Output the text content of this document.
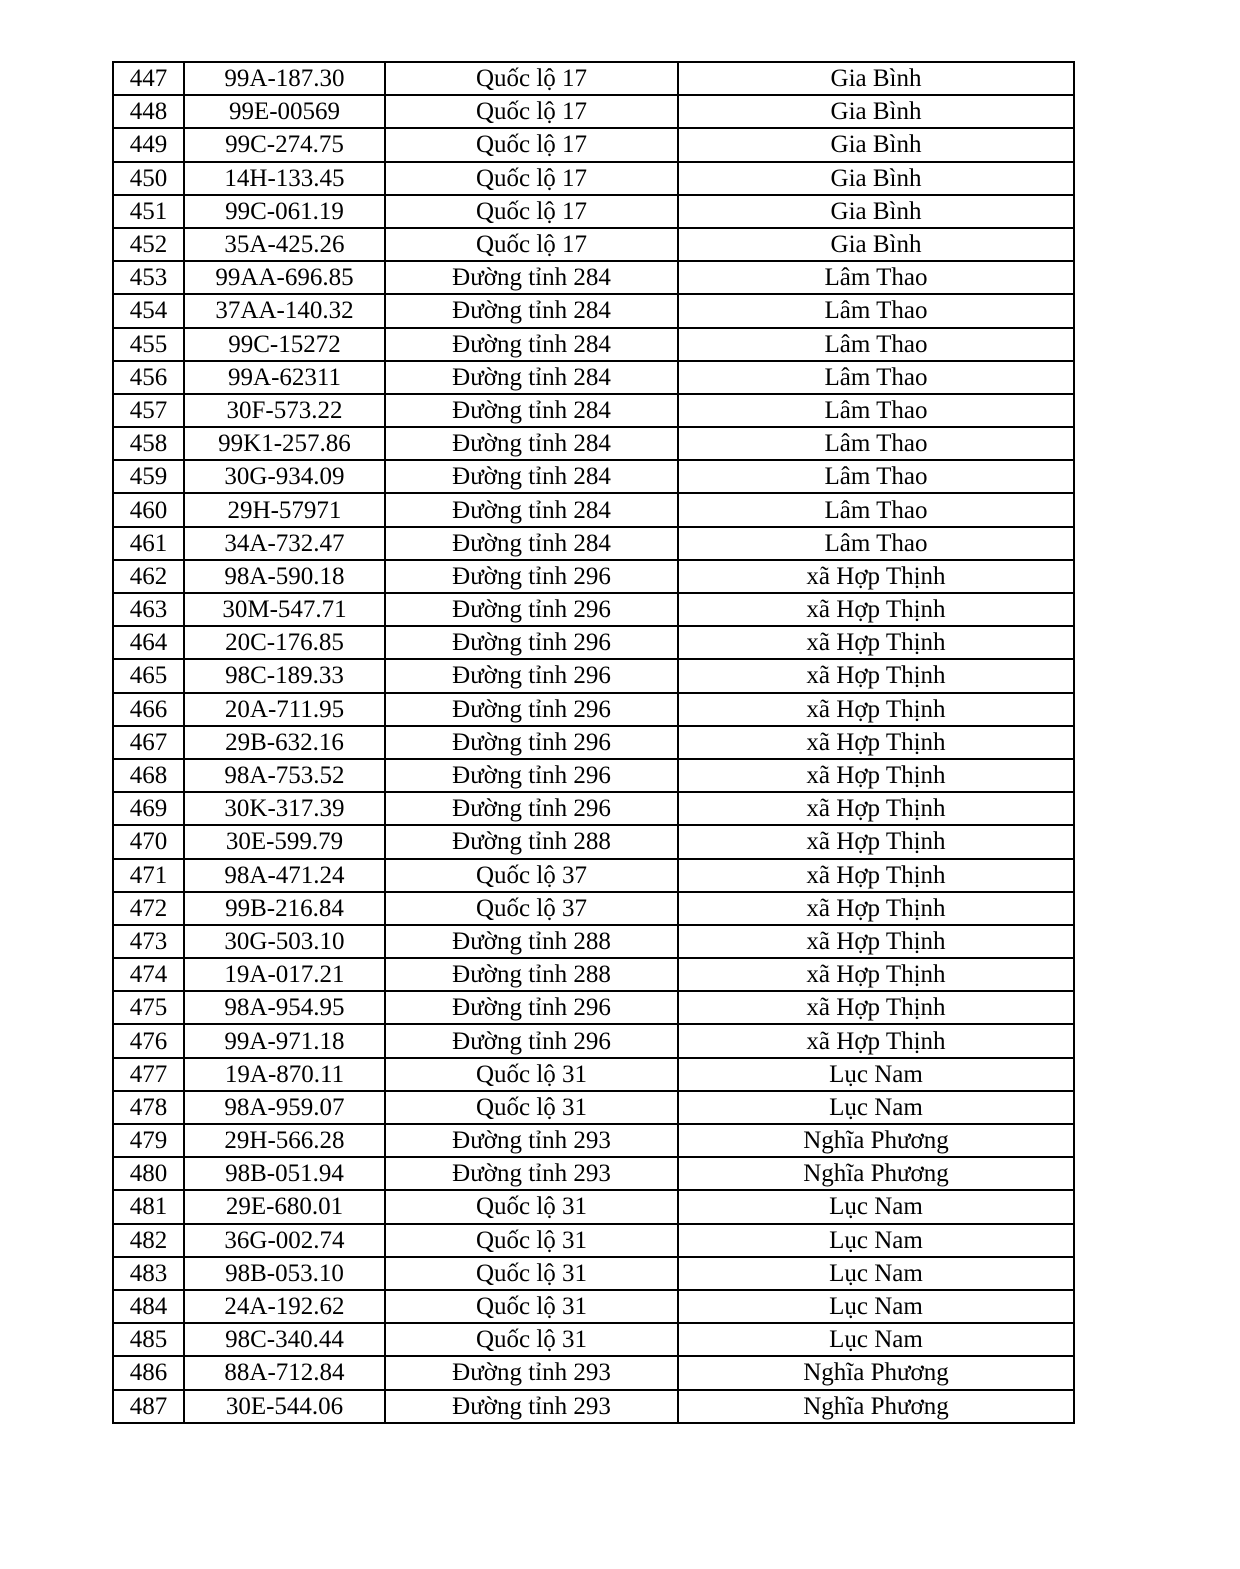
447	99A-187.30	Quốc lộ 17	Gia Bình
448	99E-00569	Quốc lộ 17	Gia Bình
449	99C-274.75	Quốc lộ 17	Gia Bình
450	14H-133.45	Quốc lộ 17	Gia Bình
451	99C-061.19	Quốc lộ 17	Gia Bình
452	35A-425.26	Quốc lộ 17	Gia Bình
453	99AA-696.85	Đường tỉnh 284	Lâm Thao
454	37AA-140.32	Đường tỉnh 284	Lâm Thao
455	99C-15272	Đường tỉnh 284	Lâm Thao
456	99A-62311	Đường tỉnh 284	Lâm Thao
457	30F-573.22	Đường tỉnh 284	Lâm Thao
458	99K1-257.86	Đường tỉnh 284	Lâm Thao
459	30G-934.09	Đường tỉnh 284	Lâm Thao
460	29H-57971	Đường tỉnh 284	Lâm Thao
461	34A-732.47	Đường tỉnh 284	Lâm Thao
462	98A-590.18	Đường tỉnh 296	xã Hợp Thịnh
463	30M-547.71	Đường tỉnh 296	xã Hợp Thịnh
464	20C-176.85	Đường tỉnh 296	xã Hợp Thịnh
465	98C-189.33	Đường tỉnh 296	xã Hợp Thịnh
466	20A-711.95	Đường tỉnh 296	xã Hợp Thịnh
467	29B-632.16	Đường tỉnh 296	xã Hợp Thịnh
468	98A-753.52	Đường tỉnh 296	xã Hợp Thịnh
469	30K-317.39	Đường tỉnh 296	xã Hợp Thịnh
470	30E-599.79	Đường tỉnh 288	xã Hợp Thịnh
471	98A-471.24	Quốc lộ 37	xã Hợp Thịnh
472	99B-216.84	Quốc lộ 37	xã Hợp Thịnh
473	30G-503.10	Đường tỉnh 288	xã Hợp Thịnh
474	19A-017.21	Đường tỉnh 288	xã Hợp Thịnh
475	98A-954.95	Đường tỉnh 296	xã Hợp Thịnh
476	99A-971.18	Đường tỉnh 296	xã Hợp Thịnh
477	19A-870.11	Quốc lộ 31	Lục Nam
478	98A-959.07	Quốc lộ 31	Lục Nam
479	29H-566.28	Đường tỉnh 293	Nghĩa Phương
480	98B-051.94	Đường tỉnh 293	Nghĩa Phương
481	29E-680.01	Quốc lộ 31	Lục Nam
482	36G-002.74	Quốc lộ 31	Lục Nam
483	98B-053.10	Quốc lộ 31	Lục Nam
484	24A-192.62	Quốc lộ 31	Lục Nam
485	98C-340.44	Quốc lộ 31	Lục Nam
486	88A-712.84	Đường tỉnh 293	Nghĩa Phương
487	30E-544.06	Đường tỉnh 293	Nghĩa Phương
